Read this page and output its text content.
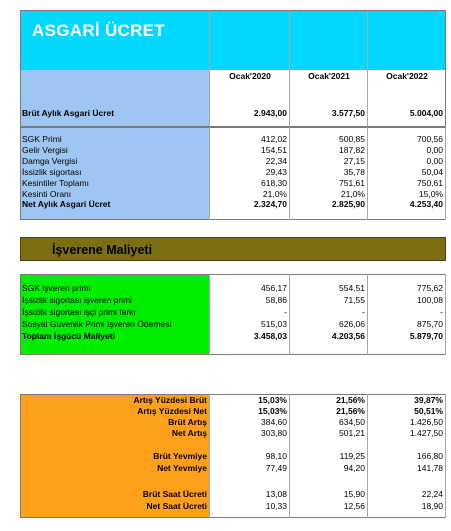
ASGARİ ÜCRET
Ocak'2020	Ocak'2021	Ocak'2022
Brüt Aylık Asgari Ücret	2.943,00	3.577,50	5.004,00
SGK Primi	412,02	500,85	700,56
Gelir Vergisi	154,51	187,82	0,00
Damga Vergisi	22,34	27,15	0,00
İssizlik sigortası	29,43	35,78	50,04
Kesintiler Toplamı	618,30	751,61	750,61
Kesinti Oranı	21,0%	21,0%	15,0%
Net Aylık Asgari Ücret	2.324,70	2.825,90	4.253,40
İşverene Maliyeti
SGK işveren primi	456,17	554,51	775,62
İşsizlik sigortası işveren primi	58,86	71,55	100,08
İşsizlik sigortası işçi primi farkı	-	-	-
Sosyal Güvenlik Primi İşveren Ödemesi	515,03	626,06	875,70
Toplam İşgücü Maliyeti	3.458,03	4.203,56	5.879,70
Artış Yüzdesi Brüt	15,03%	21,56%	39,87%
Artış Yüzdesi Net	15,03%	21,56%	50,51%
Brüt Artış	384,60	634,50	1.426,50
Net Artış	303,80	501,21	1.427,50
Brüt Yevmiye	98,10	119,25	166,80
Net Yevmiye	77,49	94,20	141,78
Brüt Saat Ücreti	13,08	15,90	22,24
Net Saat Ücreti	10,33	12,56	18,90
